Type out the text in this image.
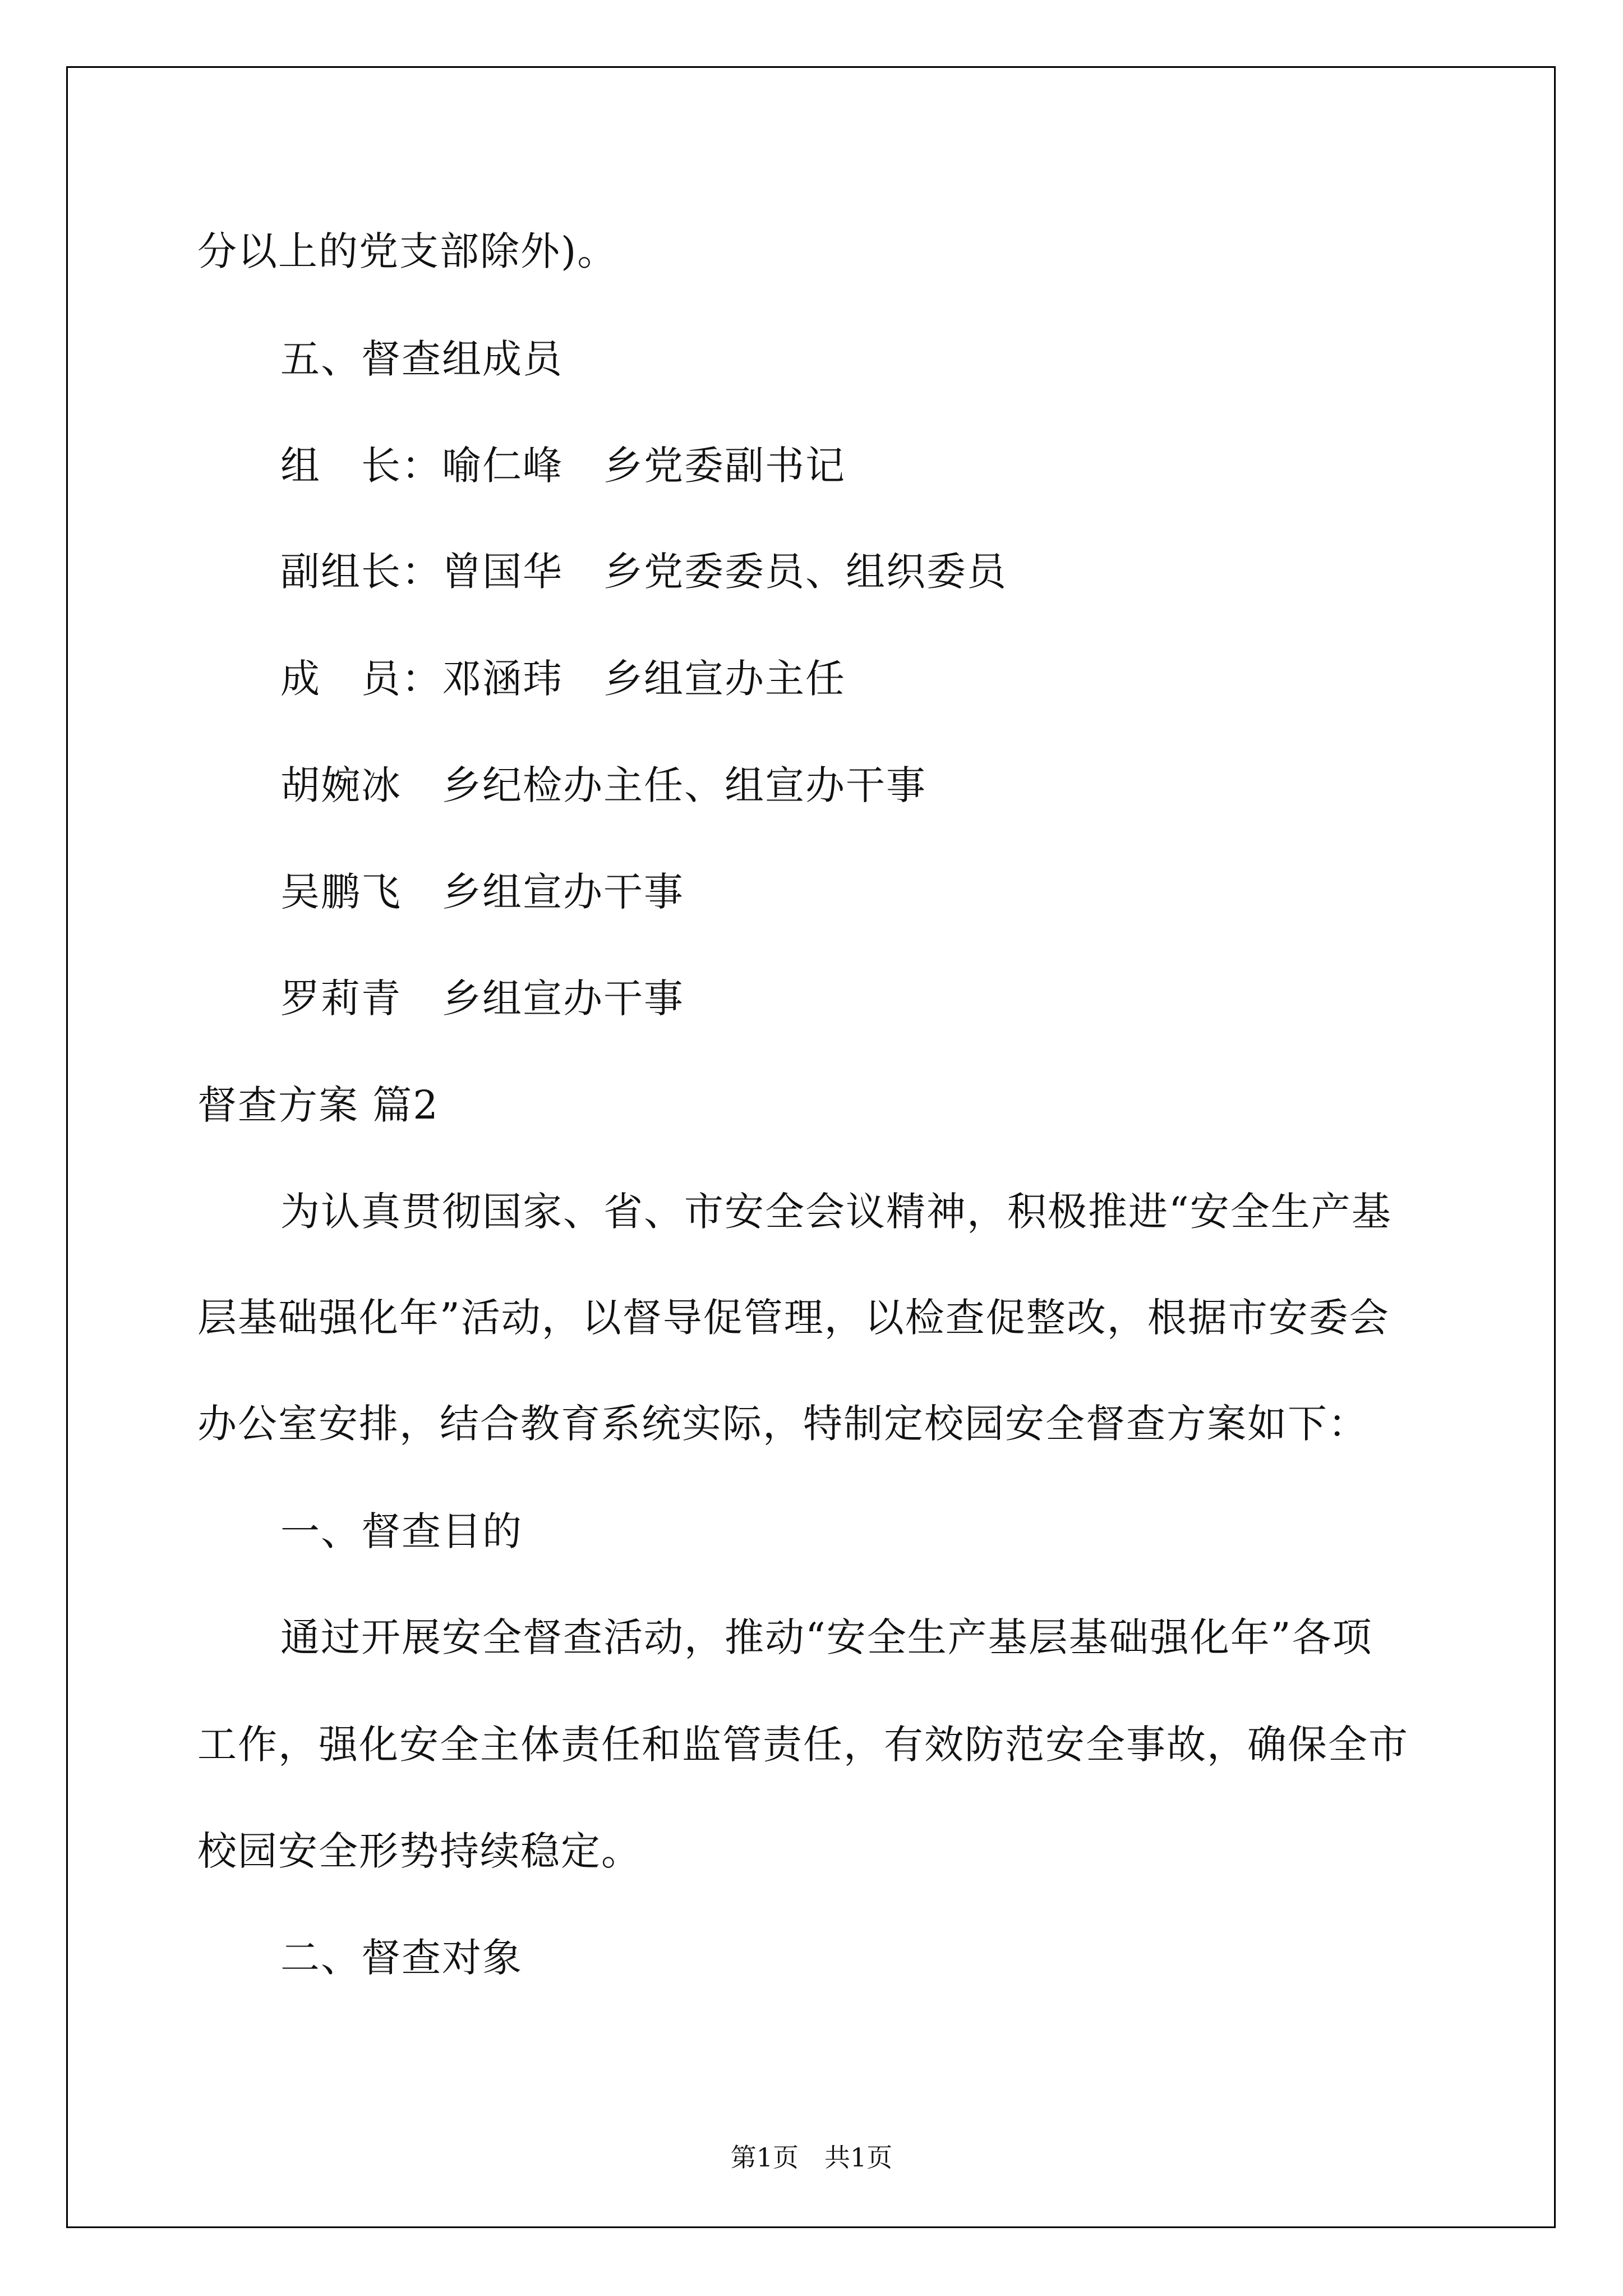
分以上的党支部除外)。
五、督查组成员
组　长：喻仁峰　乡党委副书记
副组长：曾国华　乡党委委员、组织委员
成　员：邓涵玮　乡组宣办主任
胡婉冰　乡纪检办主任、组宣办干事
吴鹏飞　乡组宣办干事
罗莉青　乡组宣办干事
督查方案 篇2
为认真贯彻国家、省、市安全会议精神，积极推进“安全生产基
层基础强化年”活动，以督导促管理，以检查促整改，根据市安委会
办公室安排，结合教育系统实际，特制定校园安全督查方案如下：
一、督查目的
通过开展安全督查活动，推动“安全生产基层基础强化年”各项
工作，强化安全主体责任和监管责任，有效防范安全事故，确保全市
校园安全形势持续稳定。
二、督查对象
第1页　共1页
